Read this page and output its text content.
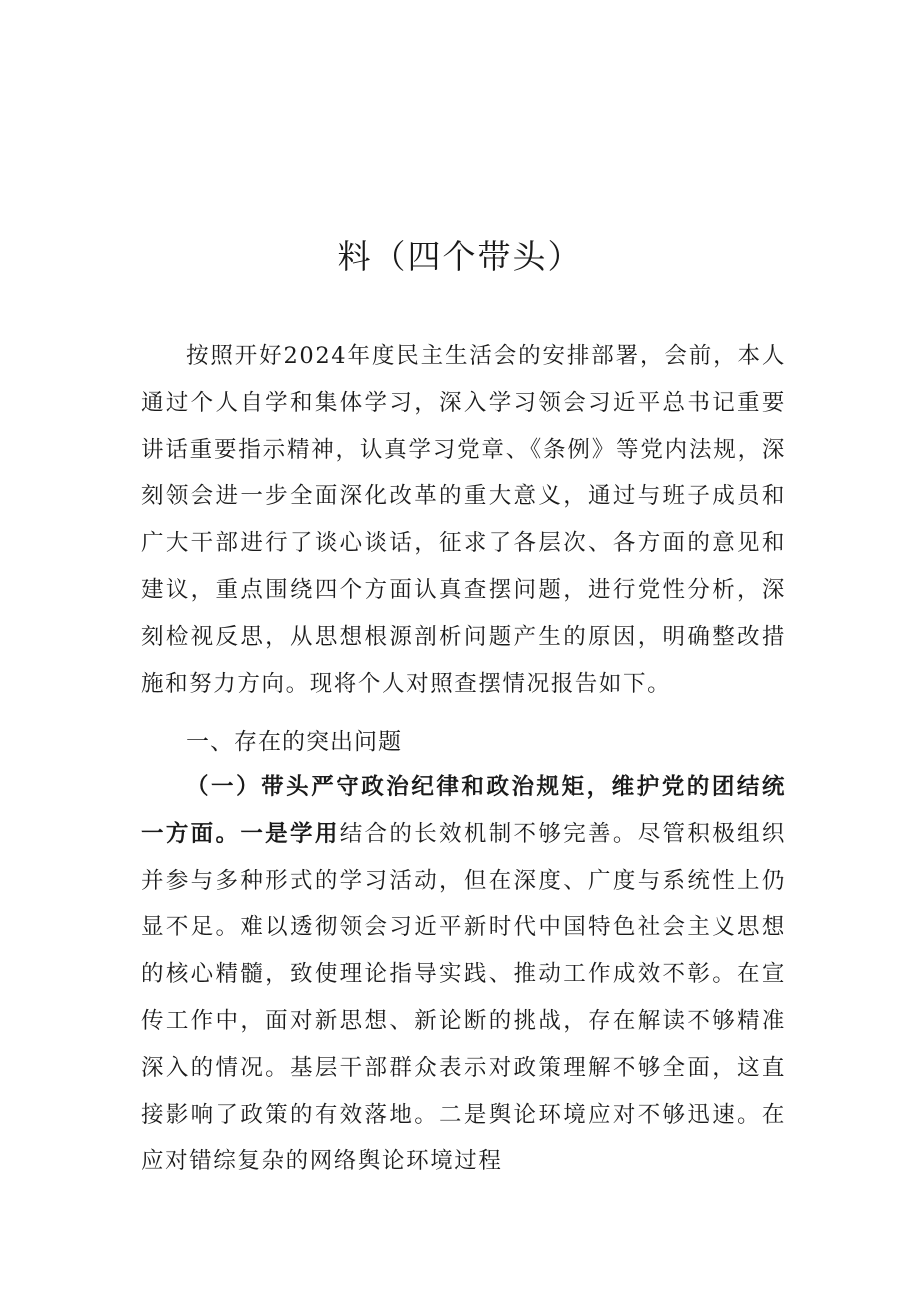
料（四个带头）

按照开好2024年度民主生活会的安排部署，会前，本人通过个人自学和集体学习，深入学习领会习近平总书记重要讲话重要指示精神，认真学习党章、《条例》等党内法规，深刻领会进一步全面深化改革的重大意义，通过与班子成员和广大干部进行了谈心谈话，征求了各层次、各方面的意见和建议，重点围绕四个方面认真查摆问题，进行党性分析，深刻检视反思，从思想根源剖析问题产生的原因，明确整改措施和努力方向。现将个人对照查摆情况报告如下。

一、存在的突出问题

（一）带头严守政治纪律和政治规矩，维护党的团结统一方面。一是学用结合的长效机制不够完善。尽管积极组织并参与多种形式的学习活动，但在深度、广度与系统性上仍显不足。难以透彻领会习近平新时代中国特色社会主义思想的核心精髓，致使理论指导实践、推动工作成效不彰。在宣传工作中，面对新思想、新论断的挑战，存在解读不够精准深入的情况。基层干部群众表示对政策理解不够全面，这直接影响了政策的有效落地。二是舆论环境应对不够迅速。在应对错综复杂的网络舆论环境过程
